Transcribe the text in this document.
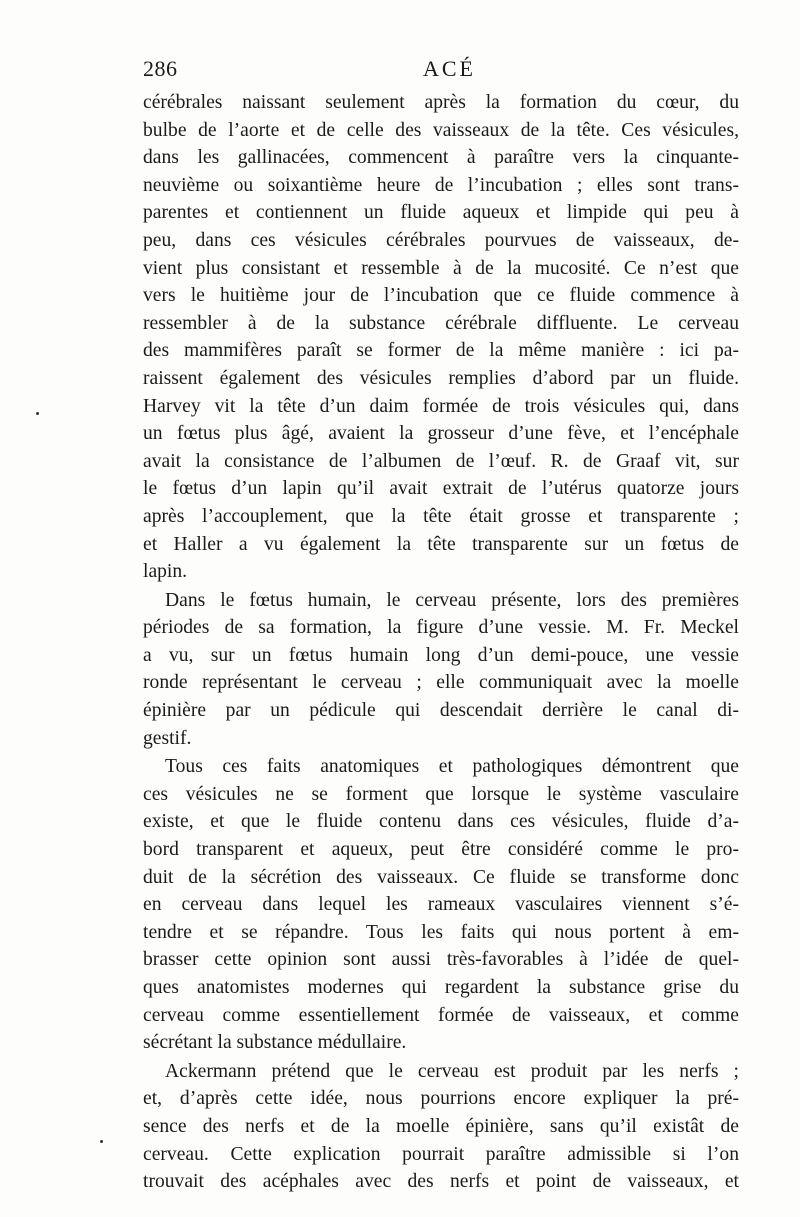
286	ACÉ
cérébrales naissant seulement après la formation du cœur, du
bulbe de l’aorte et de celle des vaisseaux de la tête. Ces vésicules,
dans les gallinacées, commencent à paraître vers la cinquante-
neuvième ou soixantième heure de l’incubation ; elles sont trans-
parentes et contiennent un fluide aqueux et limpide qui peu à
peu, dans ces vésicules cérébrales pourvues de vaisseaux, de-
vient plus consistant et ressemble à de la mucosité. Ce n’est que
vers le huitième jour de l’incubation que ce fluide commence à
ressembler à de la substance cérébrale diffluente. Le cerveau
des mammifères paraît se former de la même manière : ici pa-
raissent également des vésicules remplies d’abord par un fluide.
Harvey vit la tête d’un daim formée de trois vésicules qui, dans
un fœtus plus âgé, avaient la grosseur d’une fève, et l’encéphale
avait la consistance de l’albumen de l’œuf. R. de Graaf vit, sur
le fœtus d’un lapin qu’il avait extrait de l’utérus quatorze jours
après l’accouplement, que la tête était grosse et transparente ;
et Haller a vu également la tête transparente sur un fœtus de
lapin.
Dans le fœtus humain, le cerveau présente, lors des premières
périodes de sa formation, la figure d’une vessie. M. Fr. Meckel
a vu, sur un fœtus humain long d’un demi-pouce, une vessie
ronde représentant le cerveau ; elle communiquait avec la moelle
épinière par un pédicule qui descendait derrière le canal di-
gestif.
Tous ces faits anatomiques et pathologiques démontrent que
ces vésicules ne se forment que lorsque le système vasculaire
existe, et que le fluide contenu dans ces vésicules, fluide d’a-
bord transparent et aqueux, peut être considéré comme le pro-
duit de la sécrétion des vaisseaux. Ce fluide se transforme donc
en cerveau dans lequel les rameaux vasculaires viennent s’é-
tendre et se répandre. Tous les faits qui nous portent à em-
brasser cette opinion sont aussi très-favorables à l’idée de quel-
ques anatomistes modernes qui regardent la substance grise du
cerveau comme essentiellement formée de vaisseaux, et comme
sécrétant la substance médullaire.
Ackermann prétend que le cerveau est produit par les nerfs ;
et, d’après cette idée, nous pourrions encore expliquer la pré-
sence des nerfs et de la moelle épinière, sans qu’il existât de
cerveau. Cette explication pourrait paraître admissible si l’on
trouvait des acéphales avec des nerfs et point de vaisseaux, et
